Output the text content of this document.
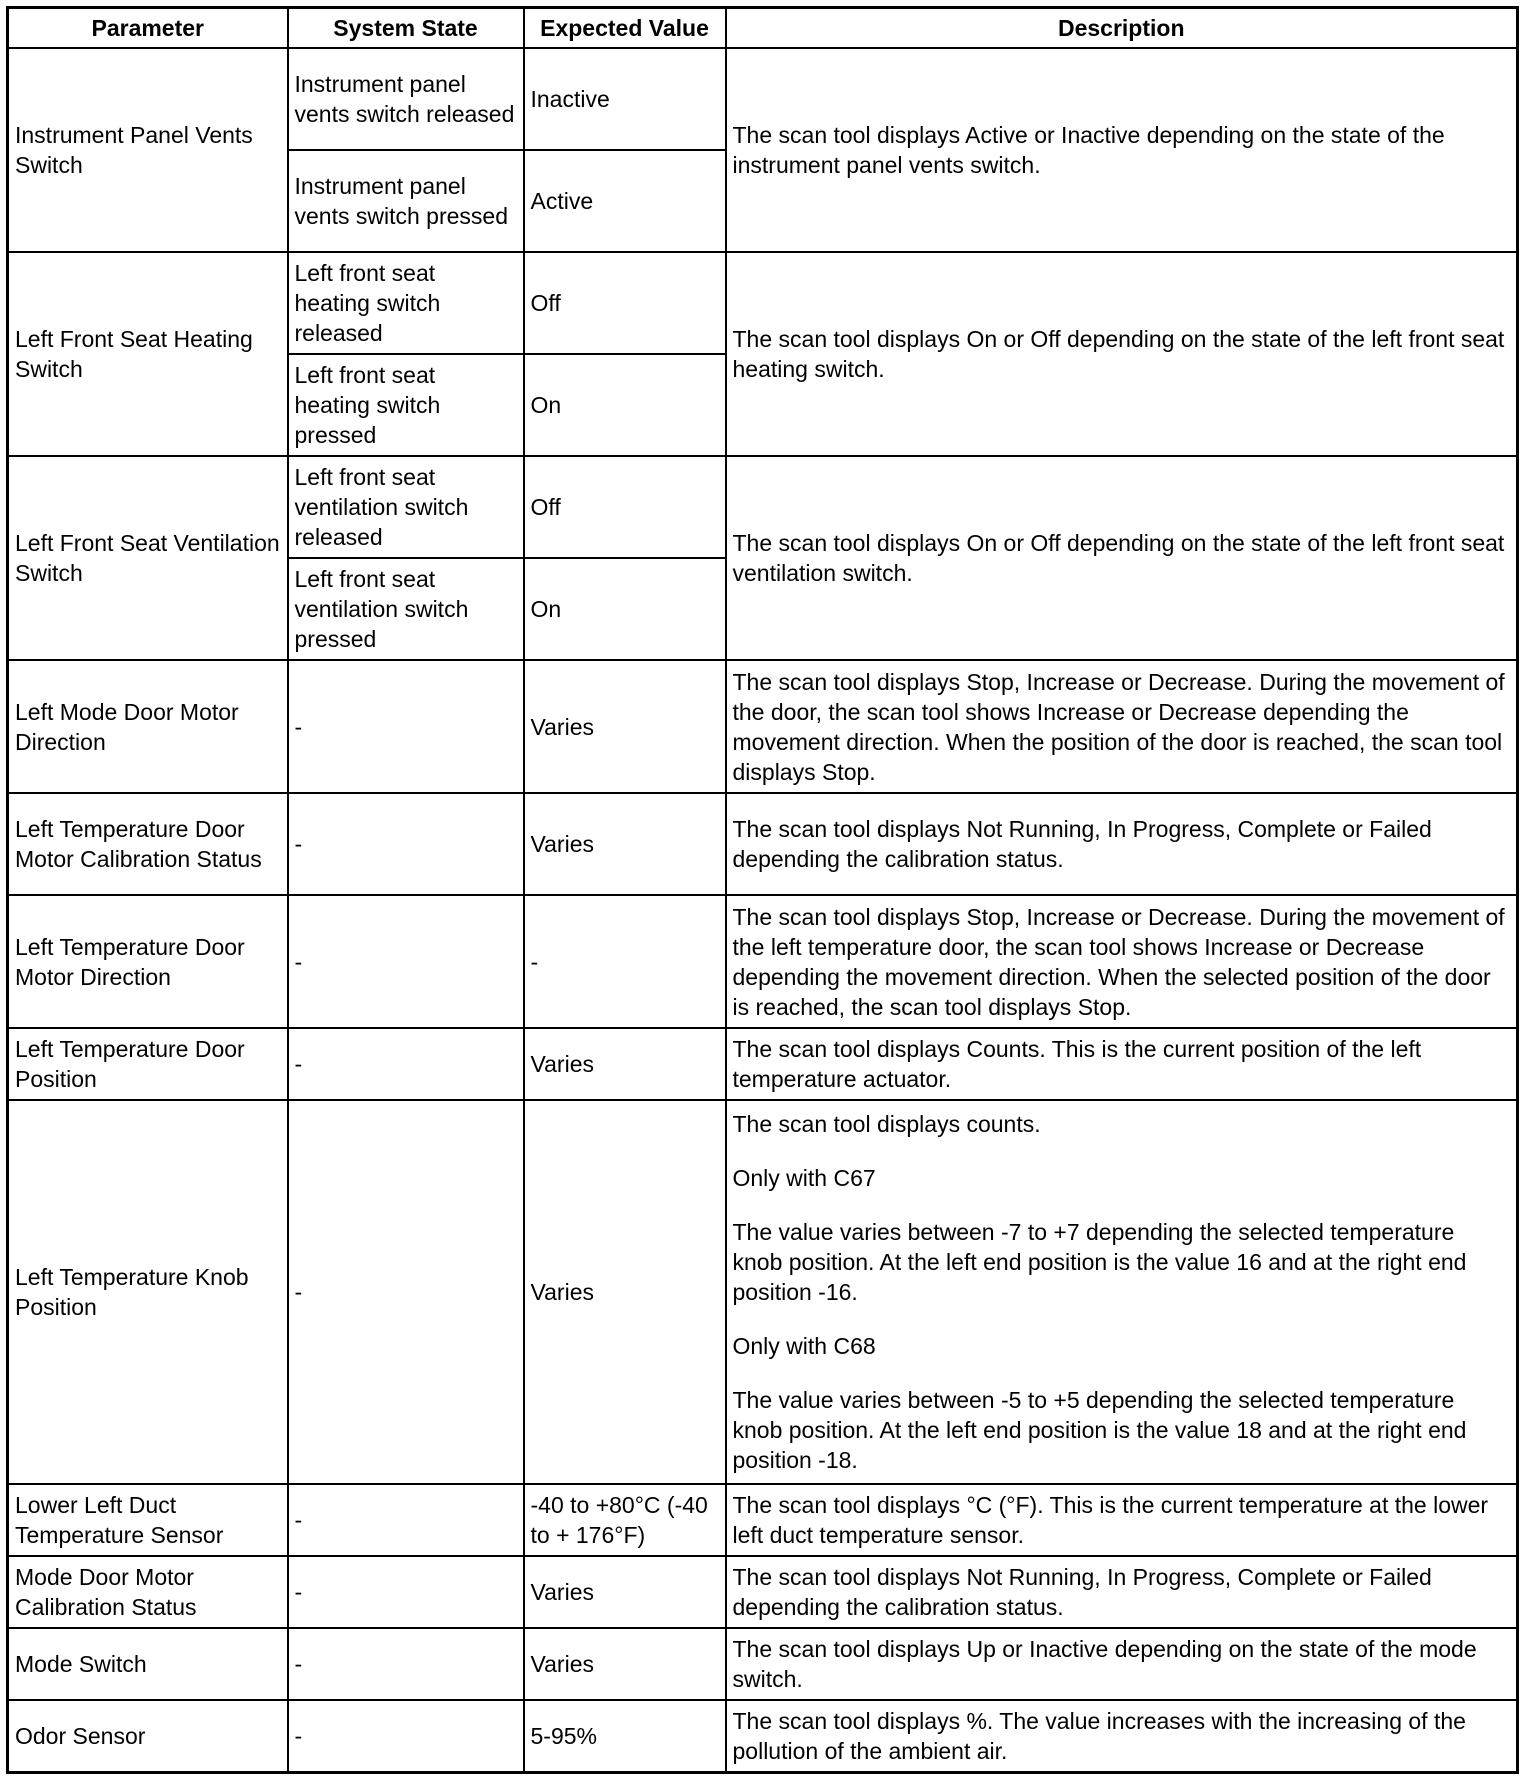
Parameter	System State	Expected Value	Description
Instrument Panel Vents Switch	Instrument panel vents switch released	Inactive	The scan tool displays Active or Inactive depending on the state of the instrument panel vents switch.

	Instrument panel vents switch pressed	Active	
Left Front Seat Heating Switch	Left front seat heating switch released	Off	The scan tool displays On or Off depending on the state of the left front seat heating switch.

	Left front seat heating switch pressed	On	
Left Front Seat Ventilation Switch	Left front seat ventilation switch released	Off	The scan tool displays On or Off depending on the state of the left front seat ventilation switch.

	Left front seat ventilation switch pressed	On	
Left Mode Door Motor Direction	-	Varies	The scan tool displays Stop, Increase or Decrease. During the movement of the door, the scan tool shows Increase or Decrease depending the movement direction. When the position of the door is reached, the scan tool displays Stop.

Left Temperature Door Motor Calibration Status	-	Varies	The scan tool displays Not Running, In Progress, Complete or Failed depending the calibration status.

Left Temperature Door Motor Direction	-	-	The scan tool displays Stop, Increase or Decrease. During the movement of the left temperature door, the scan tool shows Increase or Decrease depending the movement direction. When the selected position of the door is reached, the scan tool displays Stop.

Left Temperature Door Position	-	Varies	The scan tool displays Counts. This is the current position of the left temperature actuator.

Left Temperature Knob Position	-	Varies	The scan tool displays counts.

Only with C67

The value varies between -7 to +7 depending the selected temperature knob position. At the left end position is the value 16 and at the right end position -16.

Only with C68

The value varies between -5 to +5 depending the selected temperature knob position. At the left end position is the value 18 and at the right end position -18.

Lower Left Duct Temperature Sensor	-	-40 to +80°C (-40 to + 176°F)	The scan tool displays °C (°F). This is the current temperature at the lower left duct temperature sensor.

Mode Door Motor Calibration Status	-	Varies	The scan tool displays Not Running, In Progress, Complete or Failed depending the calibration status.

Mode Switch	-	Varies	The scan tool displays Up or Inactive depending on the state of the mode switch.

Odor Sensor	-	5-95%	The scan tool displays %. The value increases with the increasing of the pollution of the ambient air.
